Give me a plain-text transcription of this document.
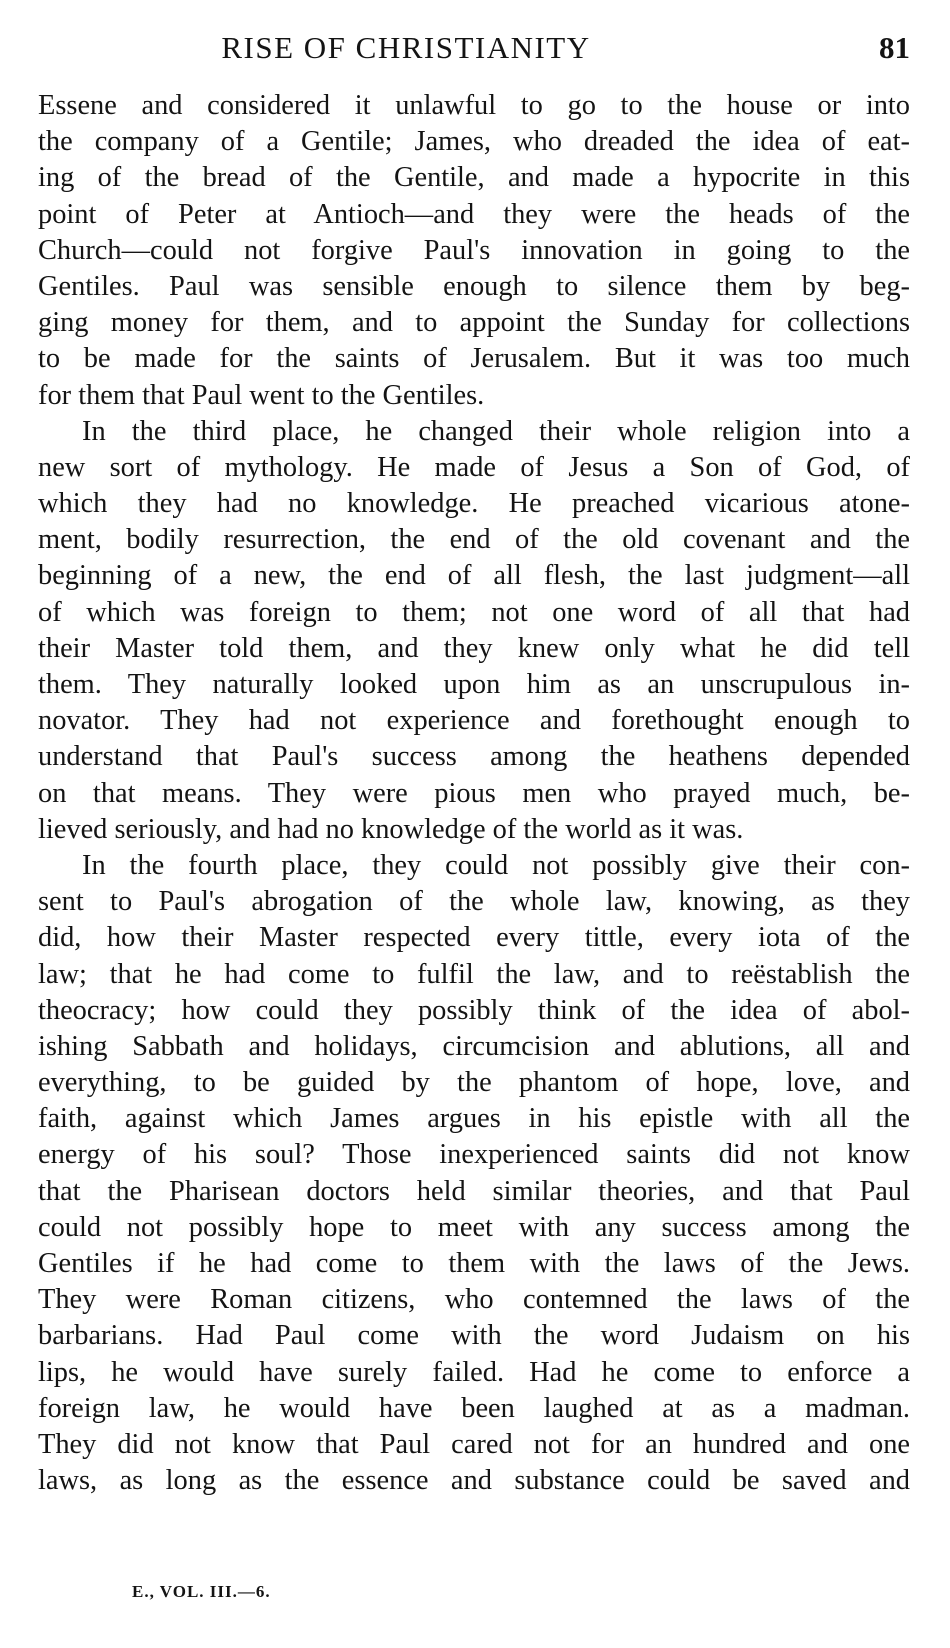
RISE OF CHRISTIANITY	81
Essene and considered it unlawful to go to the house or into
the company of a Gentile; James, who dreaded the idea of eat-
ing of the bread of the Gentile, and made a hypocrite in this
point of Peter at Antioch—and they were the heads of the
Church—could not forgive Paul's innovation in going to the
Gentiles. Paul was sensible enough to silence them by beg-
ging money for them, and to appoint the Sunday for collections
to be made for the saints of Jerusalem. But it was too much
for them that Paul went to the Gentiles.
In the third place, he changed their whole religion into a
new sort of mythology. He made of Jesus a Son of God, of
which they had no knowledge. He preached vicarious atone-
ment, bodily resurrection, the end of the old covenant and the
beginning of a new, the end of all flesh, the last judgment—all
of which was foreign to them; not one word of all that had
their Master told them, and they knew only what he did tell
them. They naturally looked upon him as an unscrupulous in-
novator. They had not experience and forethought enough to
understand that Paul's success among the heathens depended
on that means. They were pious men who prayed much, be-
lieved seriously, and had no knowledge of the world as it was.
In the fourth place, they could not possibly give their con-
sent to Paul's abrogation of the whole law, knowing, as they
did, how their Master respected every tittle, every iota of the
law; that he had come to fulfil the law, and to reëstablish the
theocracy; how could they possibly think of the idea of abol-
ishing Sabbath and holidays, circumcision and ablutions, all and
everything, to be guided by the phantom of hope, love, and
faith, against which James argues in his epistle with all the
energy of his soul? Those inexperienced saints did not know
that the Pharisean doctors held similar theories, and that Paul
could not possibly hope to meet with any success among the
Gentiles if he had come to them with the laws of the Jews.
They were Roman citizens, who contemned the laws of the
barbarians. Had Paul come with the word Judaism on his
lips, he would have surely failed. Had he come to enforce a
foreign law, he would have been laughed at as a madman.
They did not know that Paul cared not for an hundred and one
laws, as long as the essence and substance could be saved and
E., VOL. III.—6.
